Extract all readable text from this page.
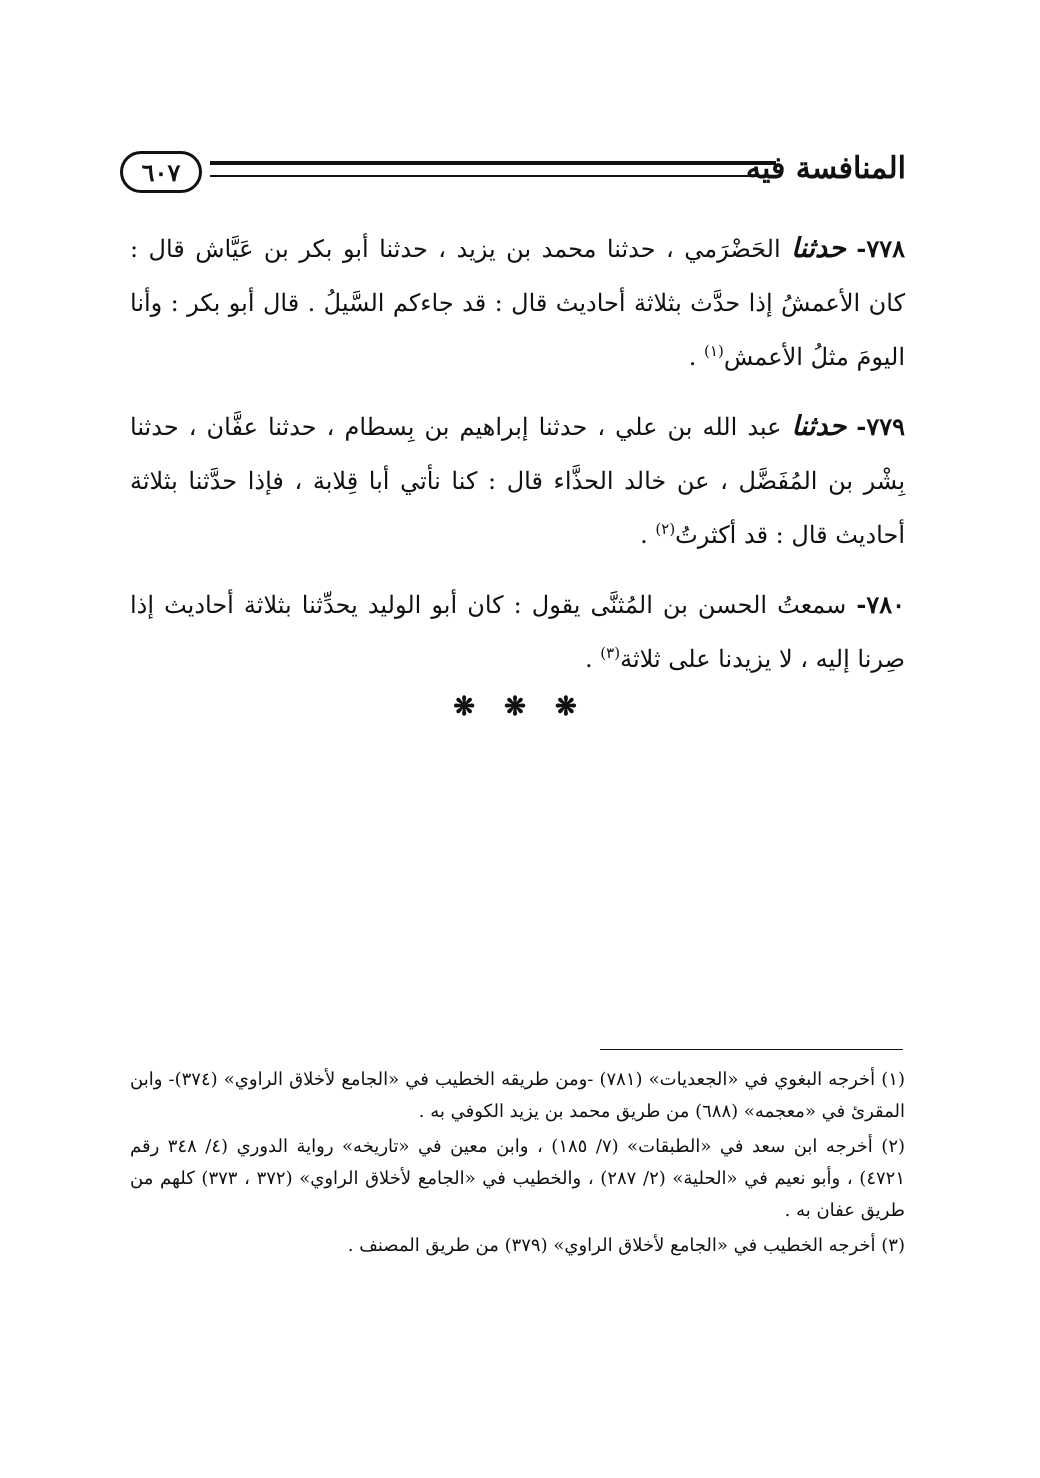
٦٠٧	المنافسة فيه

٧٧٨- حدثنا الحَضْرَمي ، حدثنا محمد بن يزيد ، حدثنا أبو بكر بن عَيَّاش قال : كان الأعمشُ إذا حدَّث بثلاثة أحاديث قال : قد جاءكم السَّيلُ . قال أبو بكر : وأنا اليومَ مثلُ الأعمش$^{(١)}$ .

٧٧٩- حدثنا عبد الله بن علي ، حدثنا إبراهيم بن بِسطام ، حدثنا عفَّان ، حدثنا بِشْر بن المُفَضَّل ، عن خالد الحذَّاء قال : كنا نأتي أبا قِلابة ، فإذا حدَّثنا بثلاثة أحاديث قال : قد أكثرتُ$^{(٢)}$ .

٧٨٠- سمعتُ الحسن بن المُثنَّى يقول : كان أبو الوليد يحدِّثنا بثلاثة أحاديث إذا صِرنا إليه ، لا يزيدنا على ثلاثة$^{(٣)}$ .

❋ ❋ ❋

(١) أخرجه البغوي في «الجعديات» (٧٨١) -ومن طريقه الخطيب في «الجامع لأخلاق الراوي» (٣٧٤)- وابن المقرئ في «معجمه» (٦٨٨) من طريق محمد بن يزيد الكوفي به .

(٢) أخرجه ابن سعد في «الطبقات» (٧/ ١٨٥) ، وابن معين في «تاريخه» رواية الدوري (٤/ ٣٤٨ رقم ٤٧٢١) ، وأبو نعيم في «الحلية» (٢/ ٢٨٧) ، والخطيب في «الجامع لأخلاق الراوي» (٣٧٢ ، ٣٧٣) كلهم من طريق عفان به .

(٣) أخرجه الخطيب في «الجامع لأخلاق الراوي» (٣٧٩) من طريق المصنف .
